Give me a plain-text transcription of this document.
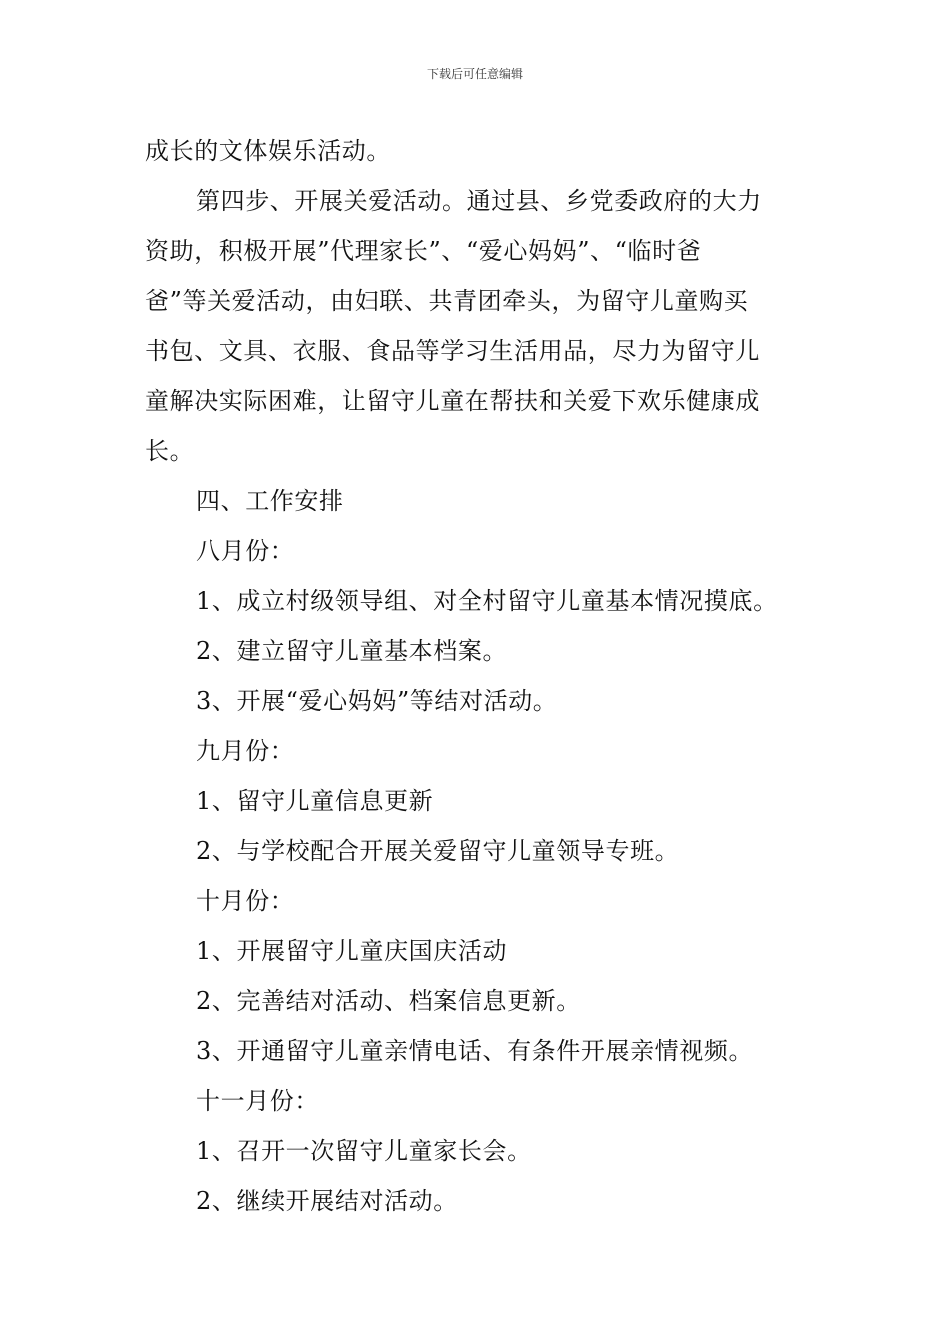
下载后可任意编辑
成长的文体娱乐活动。
第四步、开展关爱活动。通过县、乡党委政府的大力
资助，积极开展”代理家长”、“爱心妈妈”、“临时爸
爸”等关爱活动，由妇联、共青团牵头，为留守儿童购买
书包、文具、衣服、食品等学习生活用品，尽力为留守儿
童解决实际困难，让留守儿童在帮扶和关爱下欢乐健康成
长。
四、工作安排
八月份：
1、成立村级领导组、对全村留守儿童基本情况摸底。
2、建立留守儿童基本档案。
3、开展“爱心妈妈”等结对活动。
九月份：
1、留守儿童信息更新
2、与学校配合开展关爱留守儿童领导专班。
十月份：
1、开展留守儿童庆国庆活动
2、完善结对活动、档案信息更新。
3、开通留守儿童亲情电话、有条件开展亲情视频。
十一月份：
1、召开一次留守儿童家长会。
2、继续开展结对活动。
